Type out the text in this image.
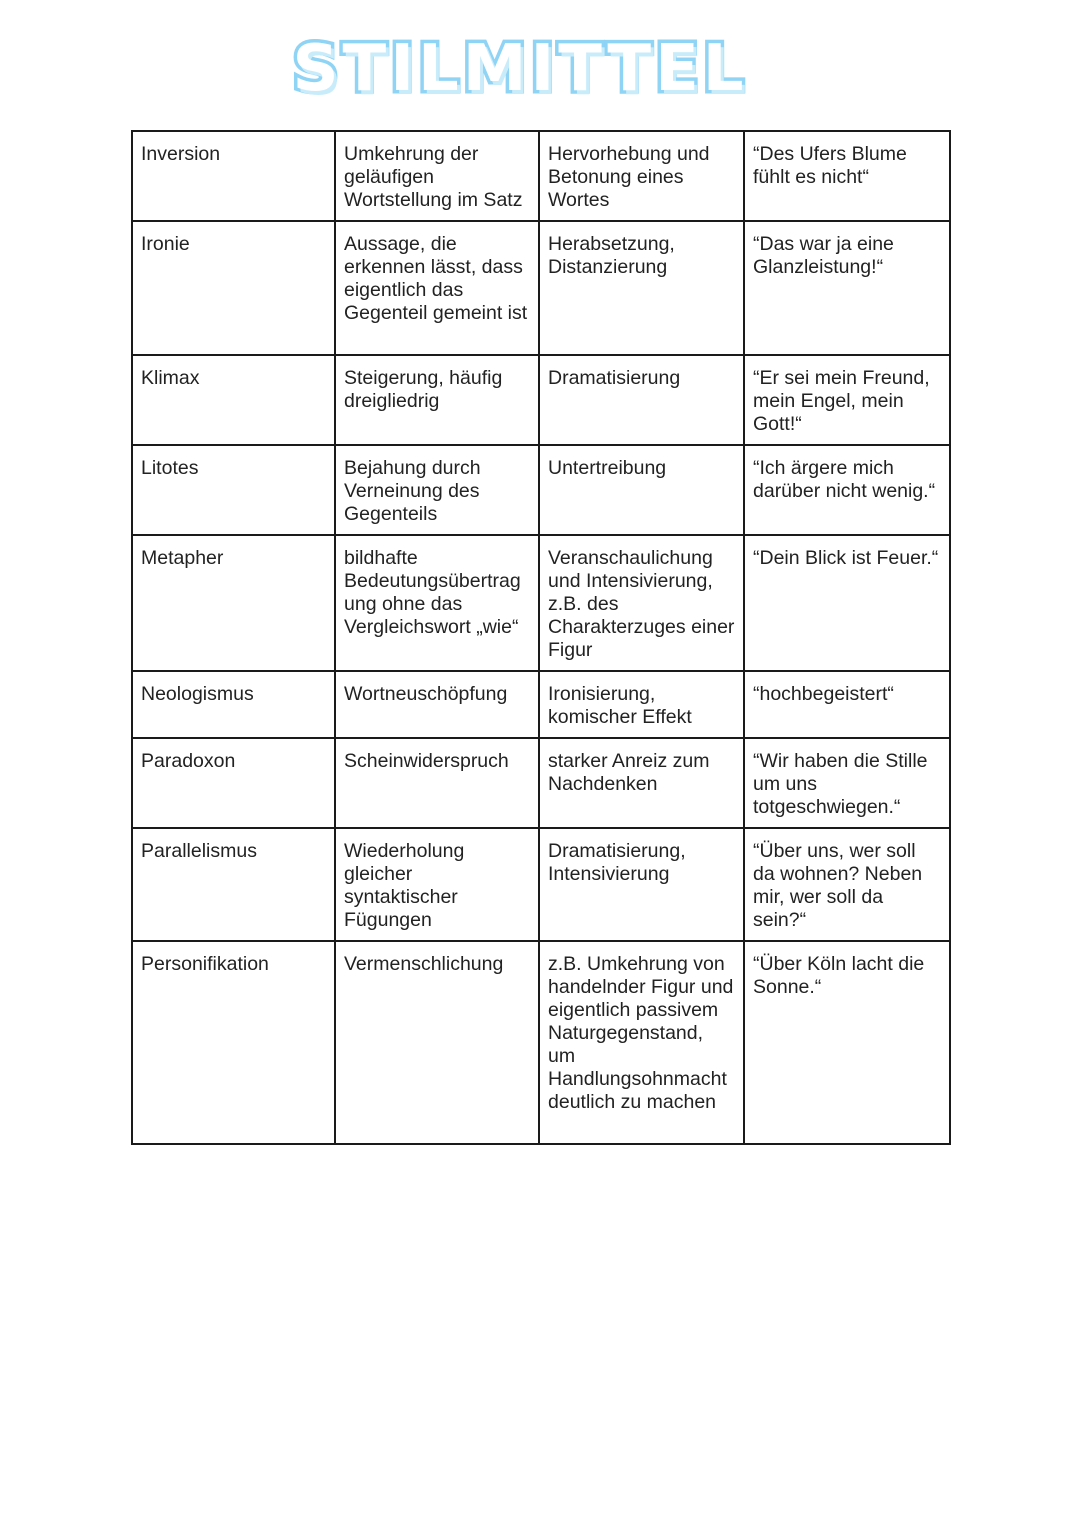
STILMITTEL
Inversion	Umkehrung der geläufigen Wortstellung im Satz	Hervorhebung und Betonung eines Wortes	“Des Ufers Blume fühlt es nicht“
Ironie	Aussage, die erkennen lässt, dass eigentlich das Gegenteil gemeint ist	Herabsetzung, Distanzierung	“Das war ja eine Glanzleistung!“
Klimax	Steigerung, häufig dreigliedrig	Dramatisierung	“Er sei mein Freund, mein Engel, mein Gott!“
Litotes	Bejahung durch Verneinung des Gegenteils	Untertreibung	“Ich ärgere mich darüber nicht wenig.“
Metapher	bildhafte Bedeutungsübertragung ohne das Vergleichswort „wie“	Veranschaulichung und Intensivierung, z.B. des Charakterzuges einer Figur	“Dein Blick ist Feuer.“
Neologismus	Wortneuschöpfung	Ironisierung, komischer Effekt	“hochbegeistert“
Paradoxon	Scheinwiderspruch	starker Anreiz zum Nachdenken	“Wir haben die Stille um uns totgeschwiegen.“
Parallelismus	Wiederholung gleicher syntaktischer Fügungen	Dramatisierung, Intensivierung	“Über uns, wer soll da wohnen? Neben mir, wer soll da sein?“
Personifikation	Vermenschlichung	z.B. Umkehrung von handelnder Figur und eigentlich passivem Naturgegenstand, um Handlungsohnmacht deutlich zu machen	“Über Köln lacht die Sonne.“
